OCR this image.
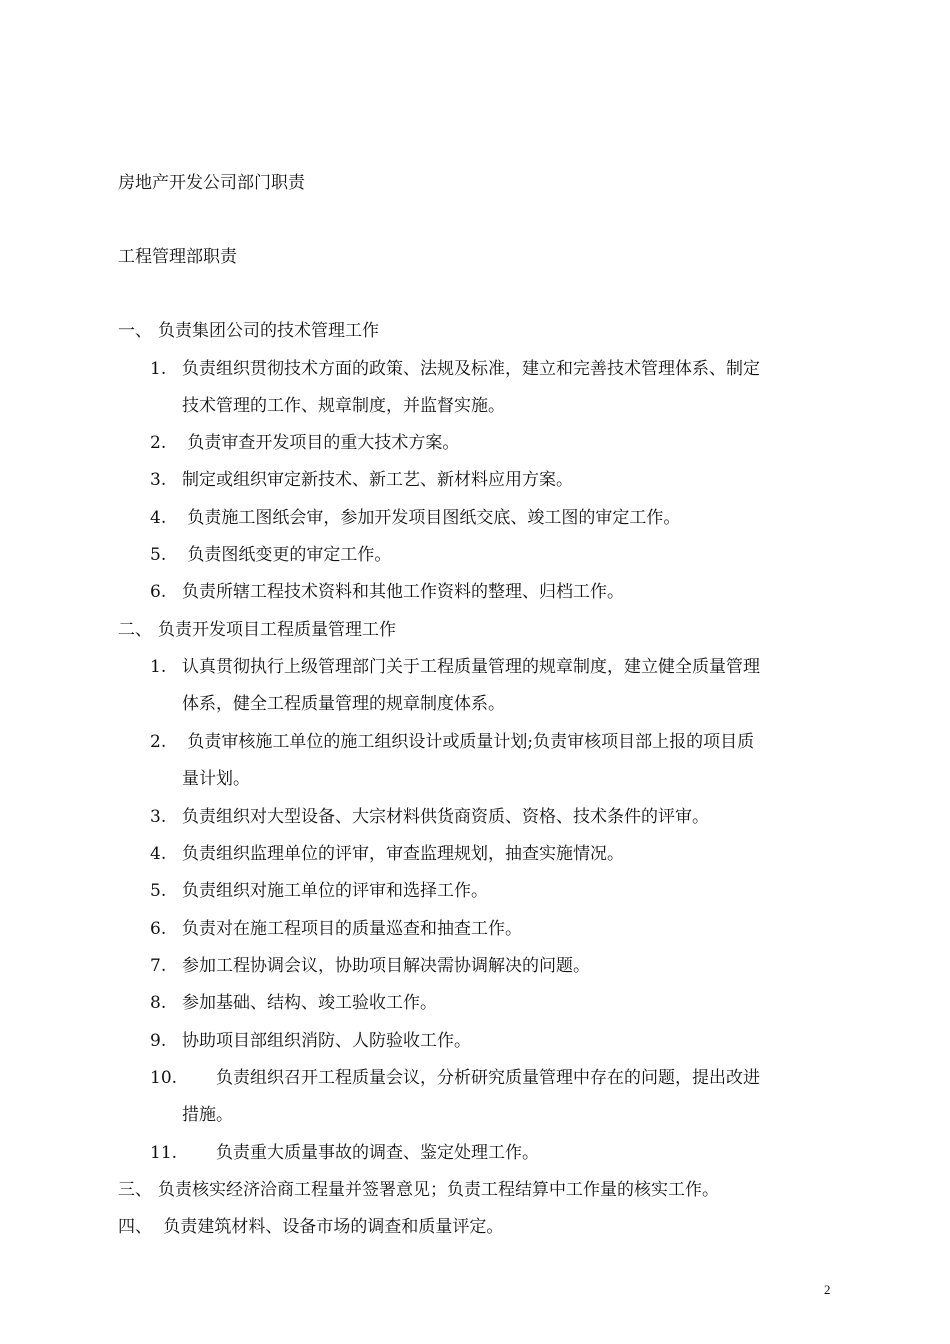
房地产开发公司部门职责
工程管理部职责
一、 负责集团公司的技术管理工作
1. 负责组织贯彻技术方面的政策、法规及标准，建立和完善技术管理体系、制定
技术管理的工作、规章制度，并监督实施。
2. 负责审查开发项目的重大技术方案。
3. 制定或组织审定新技术、新工艺、新材料应用方案。
4. 负责施工图纸会审，参加开发项目图纸交底、竣工图的审定工作。
5. 负责图纸变更的审定工作。
6. 负责所辖工程技术资料和其他工作资料的整理、归档工作。
二、 负责开发项目工程质量管理工作
1. 认真贯彻执行上级管理部门关于工程质量管理的规章制度，建立健全质量管理
体系，健全工程质量管理的规章制度体系。
2. 负责审核施工单位的施工组织设计或质量计划;负责审核项目部上报的项目质
量计划。
3. 负责组织对大型设备、大宗材料供货商资质、资格、技术条件的评审。
4. 负责组织监理单位的评审，审查监理规划，抽查实施情况。
5. 负责组织对施工单位的评审和选择工作。
6. 负责对在施工程项目的质量巡查和抽查工作。
7. 参加工程协调会议，协助项目解决需协调解决的问题。
8. 参加基础、结构、竣工验收工作。
9. 协助项目部组织消防、人防验收工作。
10. 负责组织召开工程质量会议，分析研究质量管理中存在的问题，提出改进
措施。
11. 负责重大质量事故的调查、鉴定处理工作。
三、 负责核实经济洽商工程量并签署意见；负责工程结算中工作量的核实工作。
四、 负责建筑材料、设备市场的调查和质量评定。
2
